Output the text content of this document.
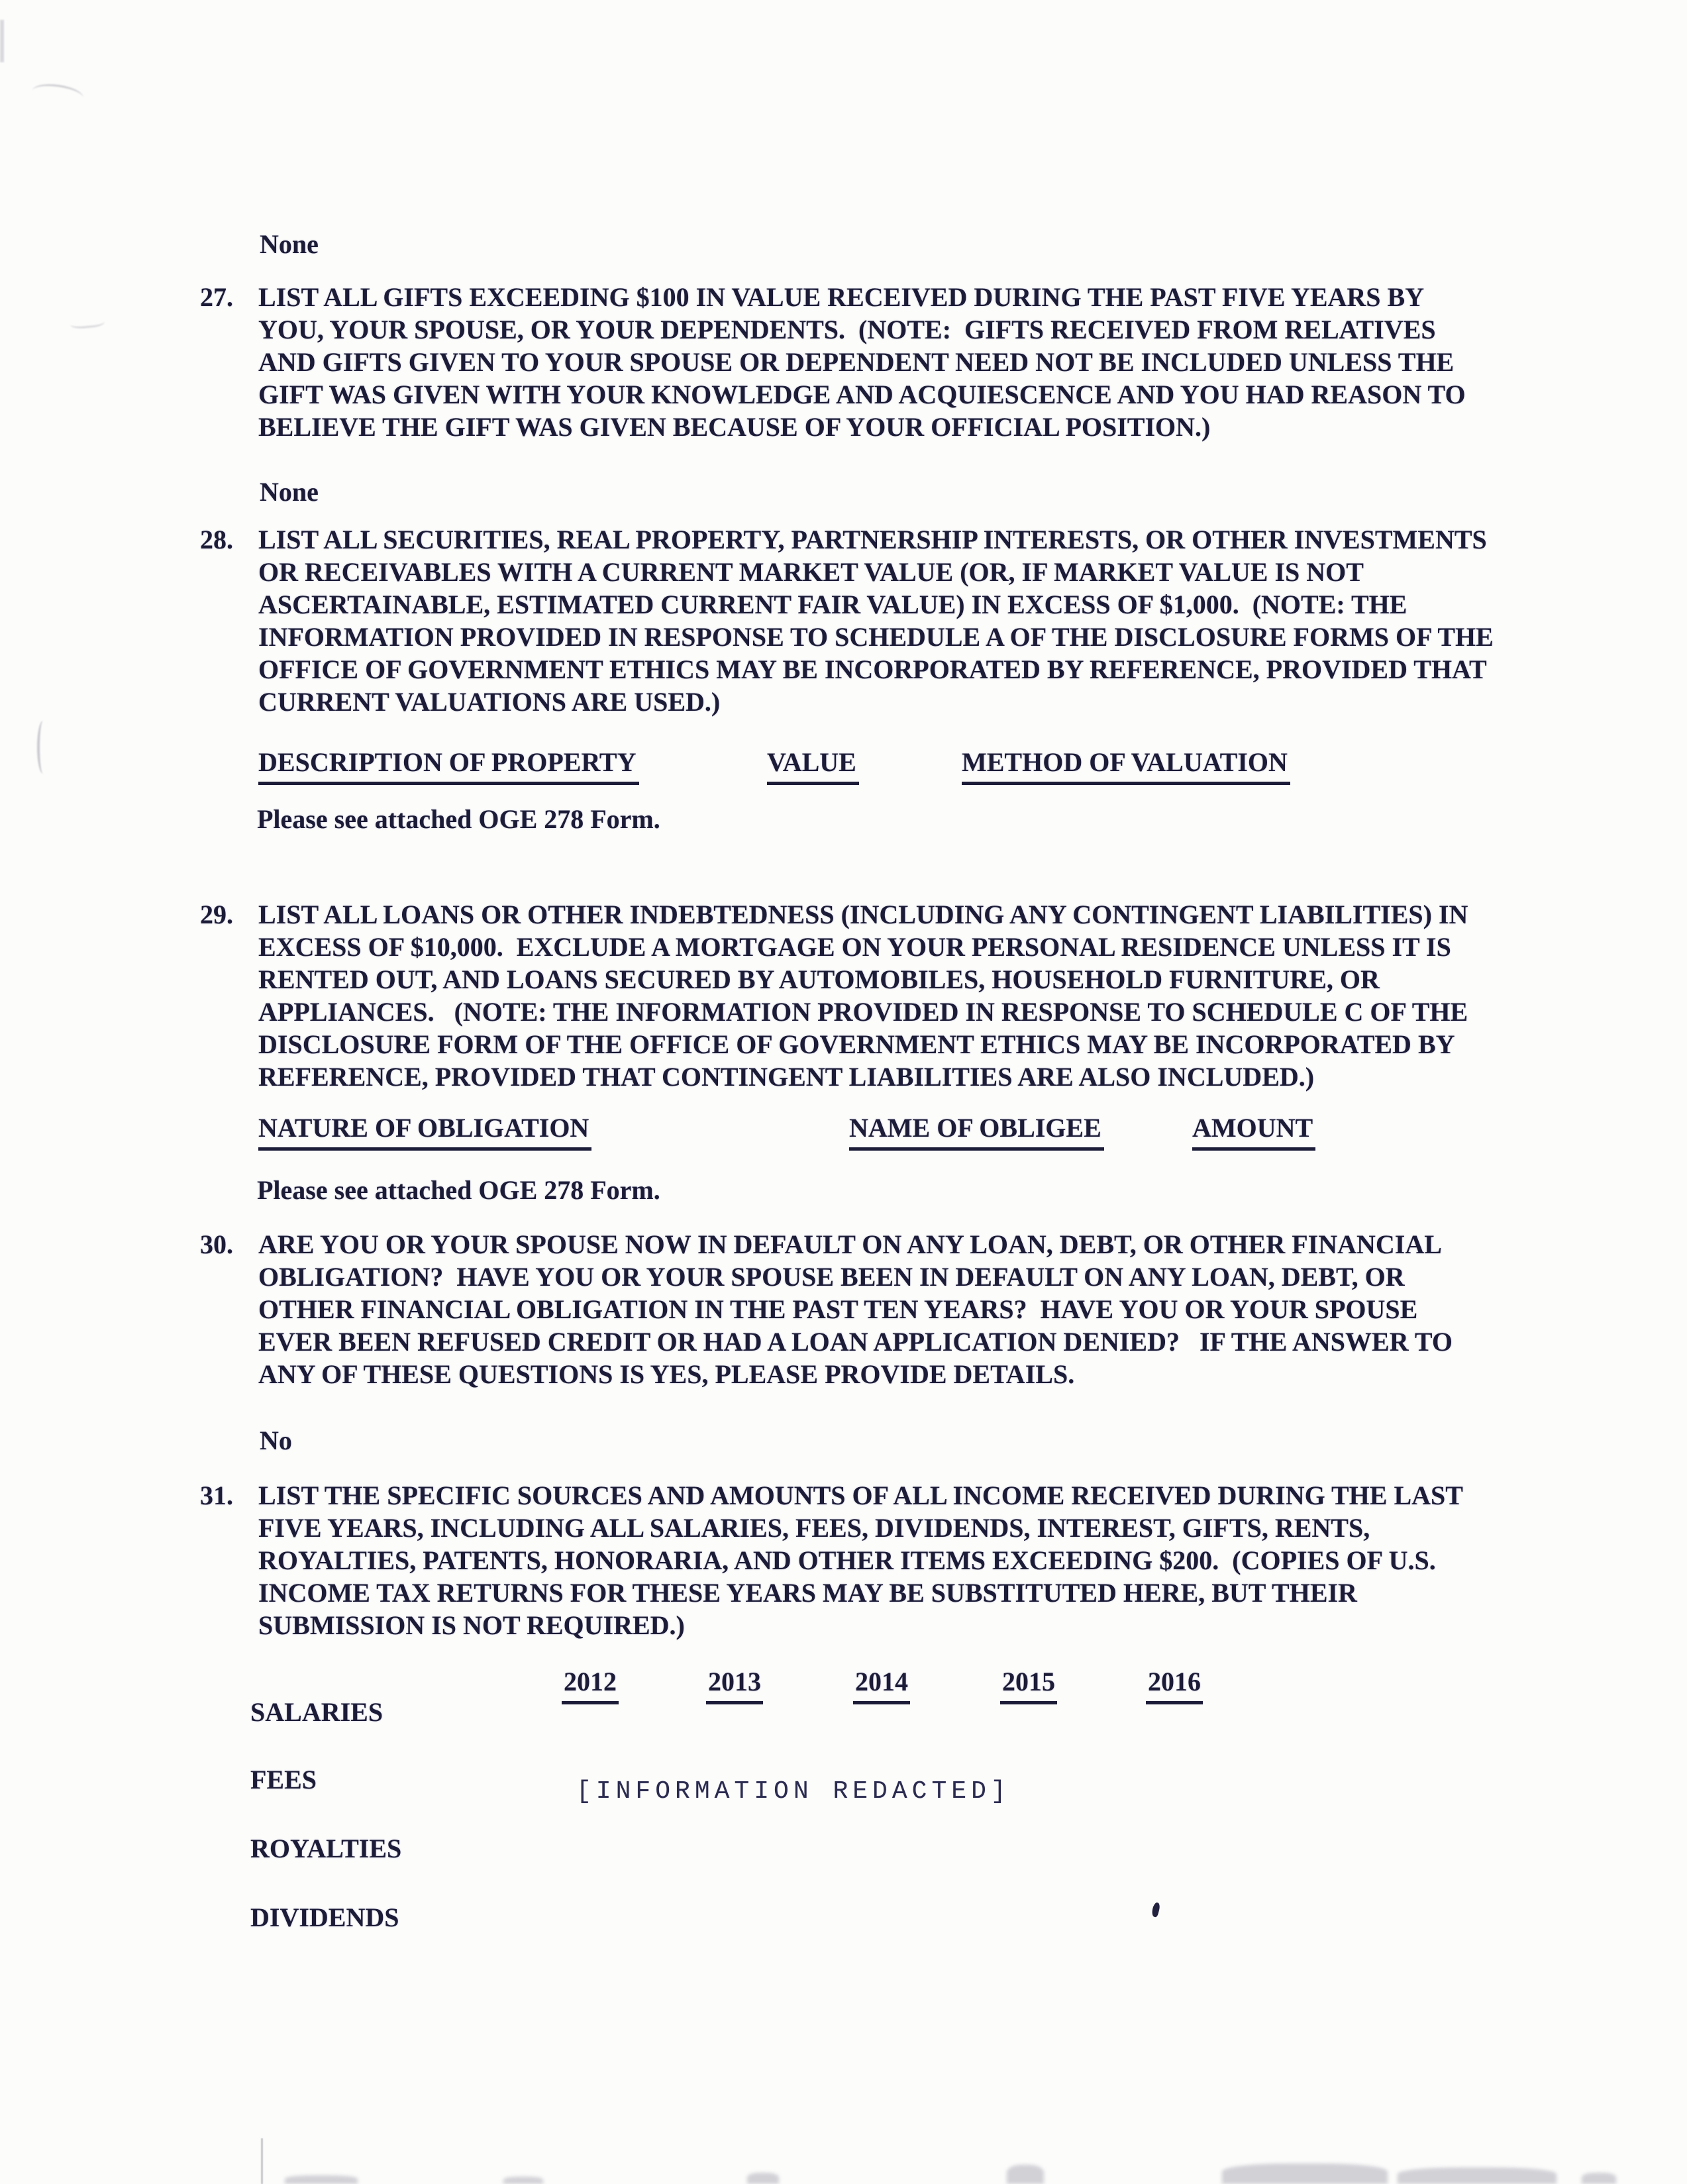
None
27. LIST ALL GIFTS EXCEEDING $100 IN VALUE RECEIVED DURING THE PAST FIVE YEARS BY
YOU, YOUR SPOUSE, OR YOUR DEPENDENTS.  (NOTE:  GIFTS RECEIVED FROM RELATIVES
AND GIFTS GIVEN TO YOUR SPOUSE OR DEPENDENT NEED NOT BE INCLUDED UNLESS THE
GIFT WAS GIVEN WITH YOUR KNOWLEDGE AND ACQUIESCENCE AND YOU HAD REASON TO
BELIEVE THE GIFT WAS GIVEN BECAUSE OF YOUR OFFICIAL POSITION.)
None
28. LIST ALL SECURITIES, REAL PROPERTY, PARTNERSHIP INTERESTS, OR OTHER INVESTMENTS
OR RECEIVABLES WITH A CURRENT MARKET VALUE (OR, IF MARKET VALUE IS NOT
ASCERTAINABLE, ESTIMATED CURRENT FAIR VALUE) IN EXCESS OF $1,000.  (NOTE: THE
INFORMATION PROVIDED IN RESPONSE TO SCHEDULE A OF THE DISCLOSURE FORMS OF THE
OFFICE OF GOVERNMENT ETHICS MAY BE INCORPORATED BY REFERENCE, PROVIDED THAT
CURRENT VALUATIONS ARE USED.)
DESCRIPTION OF PROPERTY	VALUE	METHOD OF VALUATION
Please see attached OGE 278 Form.
29. LIST ALL LOANS OR OTHER INDEBTEDNESS (INCLUDING ANY CONTINGENT LIABILITIES) IN
EXCESS OF $10,000.  EXCLUDE A MORTGAGE ON YOUR PERSONAL RESIDENCE UNLESS IT IS
RENTED OUT, AND LOANS SECURED BY AUTOMOBILES, HOUSEHOLD FURNITURE, OR
APPLIANCES.   (NOTE: THE INFORMATION PROVIDED IN RESPONSE TO SCHEDULE C OF THE
DISCLOSURE FORM OF THE OFFICE OF GOVERNMENT ETHICS MAY BE INCORPORATED BY
REFERENCE, PROVIDED THAT CONTINGENT LIABILITIES ARE ALSO INCLUDED.)
NATURE OF OBLIGATION	NAME OF OBLIGEE	AMOUNT
Please see attached OGE 278 Form.
30. ARE YOU OR YOUR SPOUSE NOW IN DEFAULT ON ANY LOAN, DEBT, OR OTHER FINANCIAL
OBLIGATION?  HAVE YOU OR YOUR SPOUSE BEEN IN DEFAULT ON ANY LOAN, DEBT, OR
OTHER FINANCIAL OBLIGATION IN THE PAST TEN YEARS?  HAVE YOU OR YOUR SPOUSE
EVER BEEN REFUSED CREDIT OR HAD A LOAN APPLICATION DENIED?   IF THE ANSWER TO
ANY OF THESE QUESTIONS IS YES, PLEASE PROVIDE DETAILS.
No
31. LIST THE SPECIFIC SOURCES AND AMOUNTS OF ALL INCOME RECEIVED DURING THE LAST
FIVE YEARS, INCLUDING ALL SALARIES, FEES, DIVIDENDS, INTEREST, GIFTS, RENTS,
ROYALTIES, PATENTS, HONORARIA, AND OTHER ITEMS EXCEEDING $200.  (COPIES OF U.S.
INCOME TAX RETURNS FOR THESE YEARS MAY BE SUBSTITUTED HERE, BUT THEIR
SUBMISSION IS NOT REQUIRED.)
2012	2013	2014	2015	2016
SALARIES
FEES
ROYALTIES
DIVIDENDS
[INFORMATION REDACTED]
